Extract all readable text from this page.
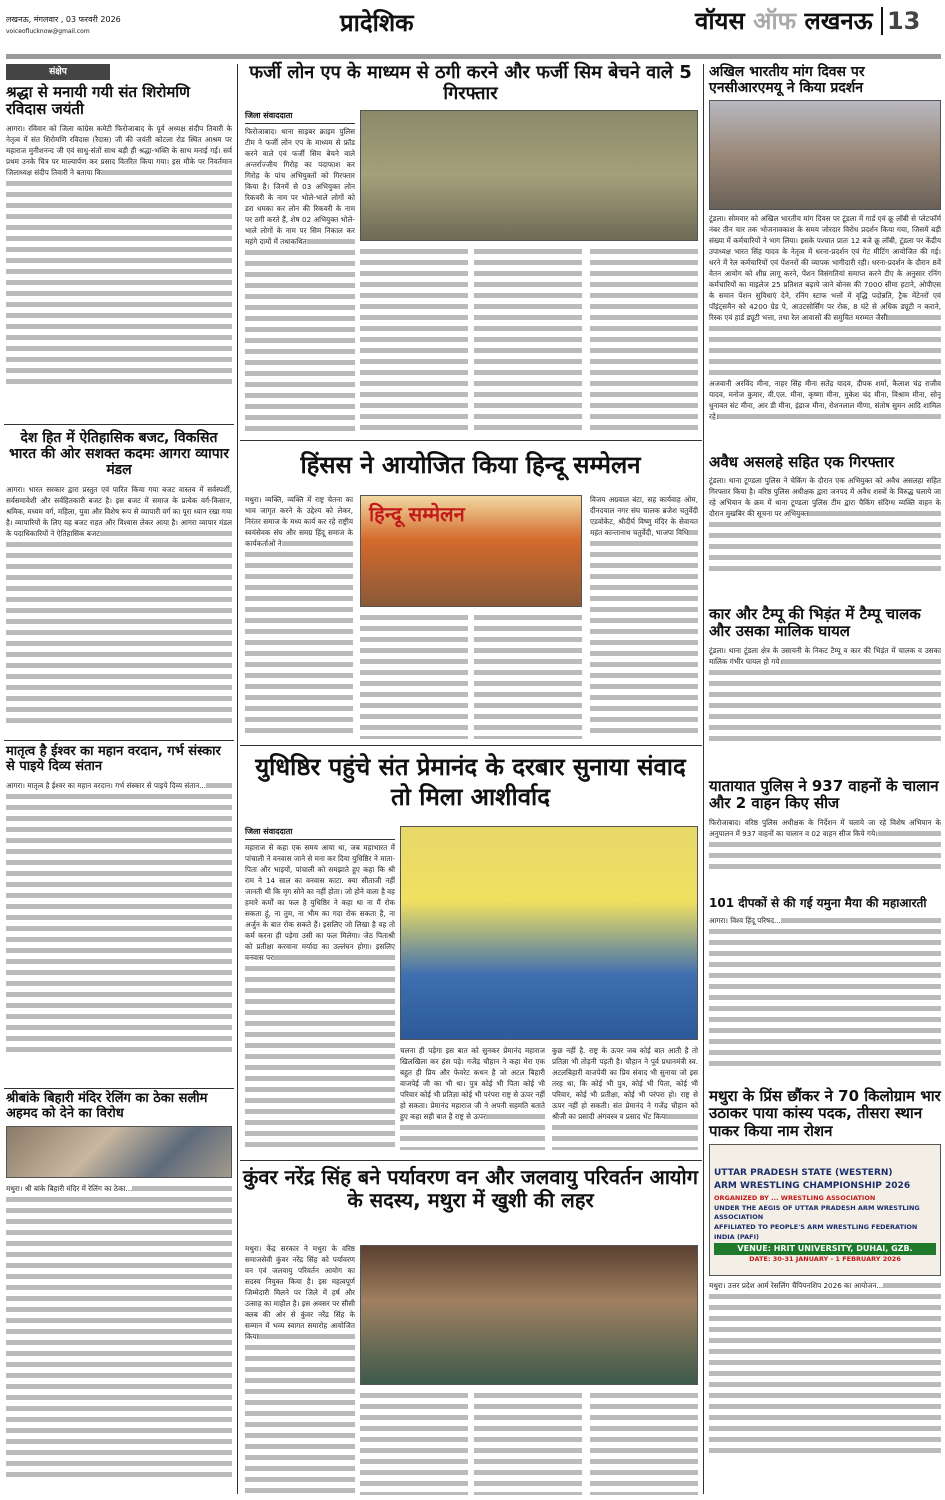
लखनऊ, मंगलवार , 03 फरवरी 2026
voiceoflucknow@gmail.com	प्रादेशिक	वॉयस ऑफ लखनऊ 13
संक्षेप
श्रद्धा से मनायी गयी संत शिरोमणि रविदास जयंती
आगरा। रविवार को जिला कांग्रेस कमेटी फिरोजाबाद के पूर्व अध्यक्ष संदीप तिवारी के नेतृत्व में संत शिरोमणि रविदास (रैदास) जी की जयंती कोटला रोड स्थित आश्रम पर महाराज मुनीशनन्द जी एवं साधु-संतों साथ बड़ी ही श्रद्धा-भक्ति के साथ मनाई गई। सर्व प्रथम उनके चित्र पर माल्यार्पण कर प्रसाद वितरित किया गया। इस मौके पर निवर्तमान जिलाध्यक्ष संदीप तिवारी ने बताया कि
देश हित में ऐतिहासिक बजट, विकसित भारत की ओर सशक्त कदमः आगरा व्यापार मंडल
आगरा। भारत सरकार द्वारा प्रस्तुत एवं पारित किया गया बजट वास्तव में सर्वस्पर्शी, सर्वसमावेशी और सर्वहितकारी बजट है। इस बजट में समाज के प्रत्येक वर्ग-किसान, श्रमिक, मध्यम वर्ग, महिला, युवा और विशेष रूप से व्यापारी वर्ग का पूरा ध्यान रखा गया है। व्यापारियों के लिए यह बजट राहत और विश्वास लेकर आया है। आगरा व्यापार मंडल के पदाधिकारियों ने ऐतिहासिक बजट
मातृत्व है ईश्वर का महान वरदान, गर्भ संस्कार से पाइये दिव्य संतान
आगरा। मातृत्व है ईश्वर का महान वरदान। गर्भ संस्कार से पाइये दिव्य संतान...
श्रीबांके बिहारी मंदिर रेलिंग का ठेका सलीम अहमद को देने का विरोध
मथुरा। श्री बांके बिहारी मंदिर में रेलिंग का ठेका...
फर्जी लोन एप के माध्यम से ठगी करने और फर्जी सिम बेचने वाले 5 गिरफ्तार
जिला संवाददाता
फिरोजाबाद। थाना साइबर क्राइम पुलिस टीम ने फर्जी लोन एप के माध्यम से फ्रॉड करने वाले एवं फर्जी सिम बेचने वाले अन्तर्राज्जीय गिरोह का पदाफाश कर गिरोह के पांच अभियुक्तों को गिरफ्तार किया है। जिनमें से 03 अभियुक्त लोन रिकवरी के नाम पर भोले-भाले लोगों को डरा धमका कर लोन की रिकवरी के नाम पर ठगी करते हैं, शेष 02 अभियुक्त भोले-भाले लोगों के नाम पर सिम निकाल कर महंगे दामों में तथाकथित
हिंसस ने आयोजित किया हिन्दू सम्मेलन
मथुरा। व्यक्ति, व्यक्ति में राष्ट्र चेतना का भाव जागृत करने के उद्देश्य को लेकर, निरंतर समाज के मध्य कार्य कर रहे राष्ट्रीय स्वयंसेवक संघ और समग्र हिंदू समाज के कार्यकर्ताओं ने
हिन्दू सम्मेलन
विजय अग्रवाल बंटा, सह कार्यवाह ओम, दीनदयाल नगर संघ चालक ब्रजेश चतुर्वेदी एडवोकेट, श्रीदीर्घ विष्णु मंदिर के सेवायत महंत कान्तानाथ चतुर्वेदी, भाजपा विधि
युधिष्ठिर पहुंचे संत प्रेमानंद के दरबार सुनाया संवाद तो मिला आशीर्वाद
जिला संवाददाता
महाराज से कहा एक समय आया था, जब महाभारत में पांचाली ने वनवास जाने से मना कर दिया युधिष्ठिर ने माता-पिता और भाइयों, पांचाली को समझाते हुए कहा कि श्री राम ने 14 साल का वनवास काटा. क्या सीताजी नहीं जानती थी कि मृग सोने का नहीं होता। जो होने वाला है वह हमारे कर्मों का फल है युधिष्ठिर ने कहा था ना मैं रोक सकता हूं, ना तुम, ना भीम का गदा रोक सकता है, ना अर्जुन के बात रोक सकते हैं। इसलिए जो लिखा है वह तो कर्म करना ही पड़ेगा उसी का फल मिलेगा। जेठ पिताश्री को प्रतीक्षा करवाना मर्यादा का उल्लंघन होगा। इसलिए वनवास पर
चलना ही पड़ेगा इस बात को सुनकर प्रेमानंद महाराज खिलखिला कर हंस पड़े। गजेंद्र चौहान ने कहा मेरा एक बहुत ही प्रिय और फेवरेट कथन है जो अटल बिहारी वाजपेई जी का भी था। पुत्र कोई भी पिता कोई भी परिवार कोई भी प्रतिज्ञा कोई भी परंपरा राष्ट्र से ऊपर नहीं हो सकता। प्रेमानंद महाराज जी ने अपनी सहमति बताते हुए कहा सही बात है राष्ट्र से ऊपर
कुछ नहीं है. राष्ट्र के ऊपर जब कोई बात आती है तो प्रतिज्ञा भी तोड़नी पड़ती है। चौहान ने पूर्व प्रधानमंत्री स्व. अटलबिहारी वाजपेयी का प्रिय संवाद भी सुनाया जो इस तरह था, कि कोई भी पुत्र, कोई भी पिता, कोई भी परिवार, कोई भी प्रतीक्षा, कोई भी परंपरा हो। राष्ट्र से ऊपर नहीं हो सकती। संत प्रेमानंद ने गजेंद्र चौहान को श्रीजी का प्रसादी अंगवस्त्र व प्रसाद भेंट किया
कुंवर नरेंद्र सिंह बने पर्यावरण वन और जलवायु परिवर्तन आयोग के सदस्य, मथुरा में खुशी की लहर
मथुरा। केंद्र सरकार ने मथुरा के वरिष्ठ समाजसेवी कुंवर नरेंद्र सिंह को पर्यावरण वन एवं जलवायु परिवर्तन आयोग का सदस्य नियुक्त किया है। इस महत्वपूर्ण जिम्मेदारी मिलने पर जिले में हर्ष और उत्साह का माहौल है। इस अवसर पर सीसी क्लब की ओर से कुंवर नरेंद्र सिंह के सम्मान में भव्य स्वागत समारोह आयोजित किया
अखिल भारतीय मांग दिवस पर एनसीआरएमयू ने किया प्रदर्शन
टूंडला। सोमवार को अखिल भारतीय मांग दिवस पर टूंडला में गार्ड एवं क्रू लॉबी से प्लेटफॉर्म नंबर तीन चार तक भोजनावकाश के समय जोरदार विरोध प्रदर्शन किया गया, जिसमें बड़ी संख्या में कर्मचारियों ने भाग लिया। इसके पश्चात प्रातः 12 बजे क्रू लॉबी, टूंडला पर केंद्रीय उपाध्यक्ष भारत सिंह यादव के नेतृत्व में धरना-प्रदर्शन एवं गेट मीटिंग आयोजित की गई। धरने में रेल कर्मचारियों एवं पेंशनरों की व्यापक भागीदारी रही। धरना-प्रदर्शन के दौरान 8वें वेतन आयोग को शीघ्र लागू करने, पेंशन विसंगतियां समाप्त करने टीए के अनुसार रनिंग कर्मचारियों का माइलेज 25 प्रतिशत बढ़ाये जाने बोनस की 7000 सीमा हटाने, ओपीएस के समान पेंशन सुविधाएं देने, रनिंग स्टाफ भत्तों में वृद्धि पदोन्नति, ट्रैक मेंटेनरों एवं पॉइंट्समैन को 4200 ग्रेड पे, आउटसोर्सिंग पर रोक, 8 घंटे से अधिक ड्यूटी न कराने, रिस्क एवं हार्ड ड्यूटी भत्ता, तथा रेल आवासों की समुचित मरम्मत जैसी
अजवानी अरविंद मीना, नाहर सिंह मीना सतेंद्र यादव, दीपक शर्मा, कैलाश चंद्र राजीव यादव, मनोज कुमार, वी.एल. मीना, कृष्णा मीना, मुकेश चंद मीना, विश्राम मीना, सोनू धुनावत संट मीना, आर डी मीना, इंद्राज मीना, रोशनलाल मीणा, संतोष सुमन आदि शामिल रहे।
अवैध असलहे सहित एक गिरफ्तार
टूंडला। थाना टूण्डला पुलिस ने चेकिंग के दौरान एक अभियुक्त को अवैध असलहा सहित गिरफ्तार किया है। वरिष्ठ पुलिस अधीक्षक द्वारा जनपद में अवैध शस्त्रों के विरुद्ध चलाये जा रहे अभियान के क्रम में थाना टूण्डला पुलिस टीम द्वारा चैकिंग संदिग्ध व्यक्ति वाहन के दौरान मुखबिर की सूचना पर अभियुक्त
कार और टैम्पू की भिड़ंत में टैम्पू चालक और उसका मालिक घायल
टूंडला। थाना टूंडला क्षेत्र के उसायनी के निकट टैम्पू व कार की भिड़ंत में चालक व उसका मालिक गंभीर घायल हो गये।
यातायात पुलिस ने 937 वाहनों के चालान और 2 वाहन किए सीज
फिरोजाबाद। वरिष्ठ पुलिस अधीक्षक के निर्देशन में चलाये जा रहे विशेष अभियान के अनुपालन में 937 वाहनों का चालान व 02 वाहन सीज किये गये।
101 दीपकों से की गई यमुना मैया की महाआरती
आगरा। विश्व हिंदू परिषद...
मथुरा के प्रिंस छौंकर ने 70 किलोग्राम भार उठाकर पाया कांस्य पदक, तीसरा स्थान पाकर किया नाम रोशन
UTTAR PRADESH STATE (WESTERN)
ARM WRESTLING CHAMPIONSHIP 2026
ORGANIZED BY ... WRESTLING ASSOCIATION
UNDER THE AEGIS OF UTTAR PRADESH ARM WRESTLING ASSOCIATION
AFFILIATED TO PEOPLE'S ARM WRESTLING FEDERATION INDIA (PAFI)
VENUE: HRIT UNIVERSITY, DUHAI, GZB.
DATE: 30-31 JANUARY - 1 FEBRUARY 2026
मथुरा। उत्तर प्रदेश आर्म रेसलिंग चैंपियनशिप 2026 का आयोजन...
